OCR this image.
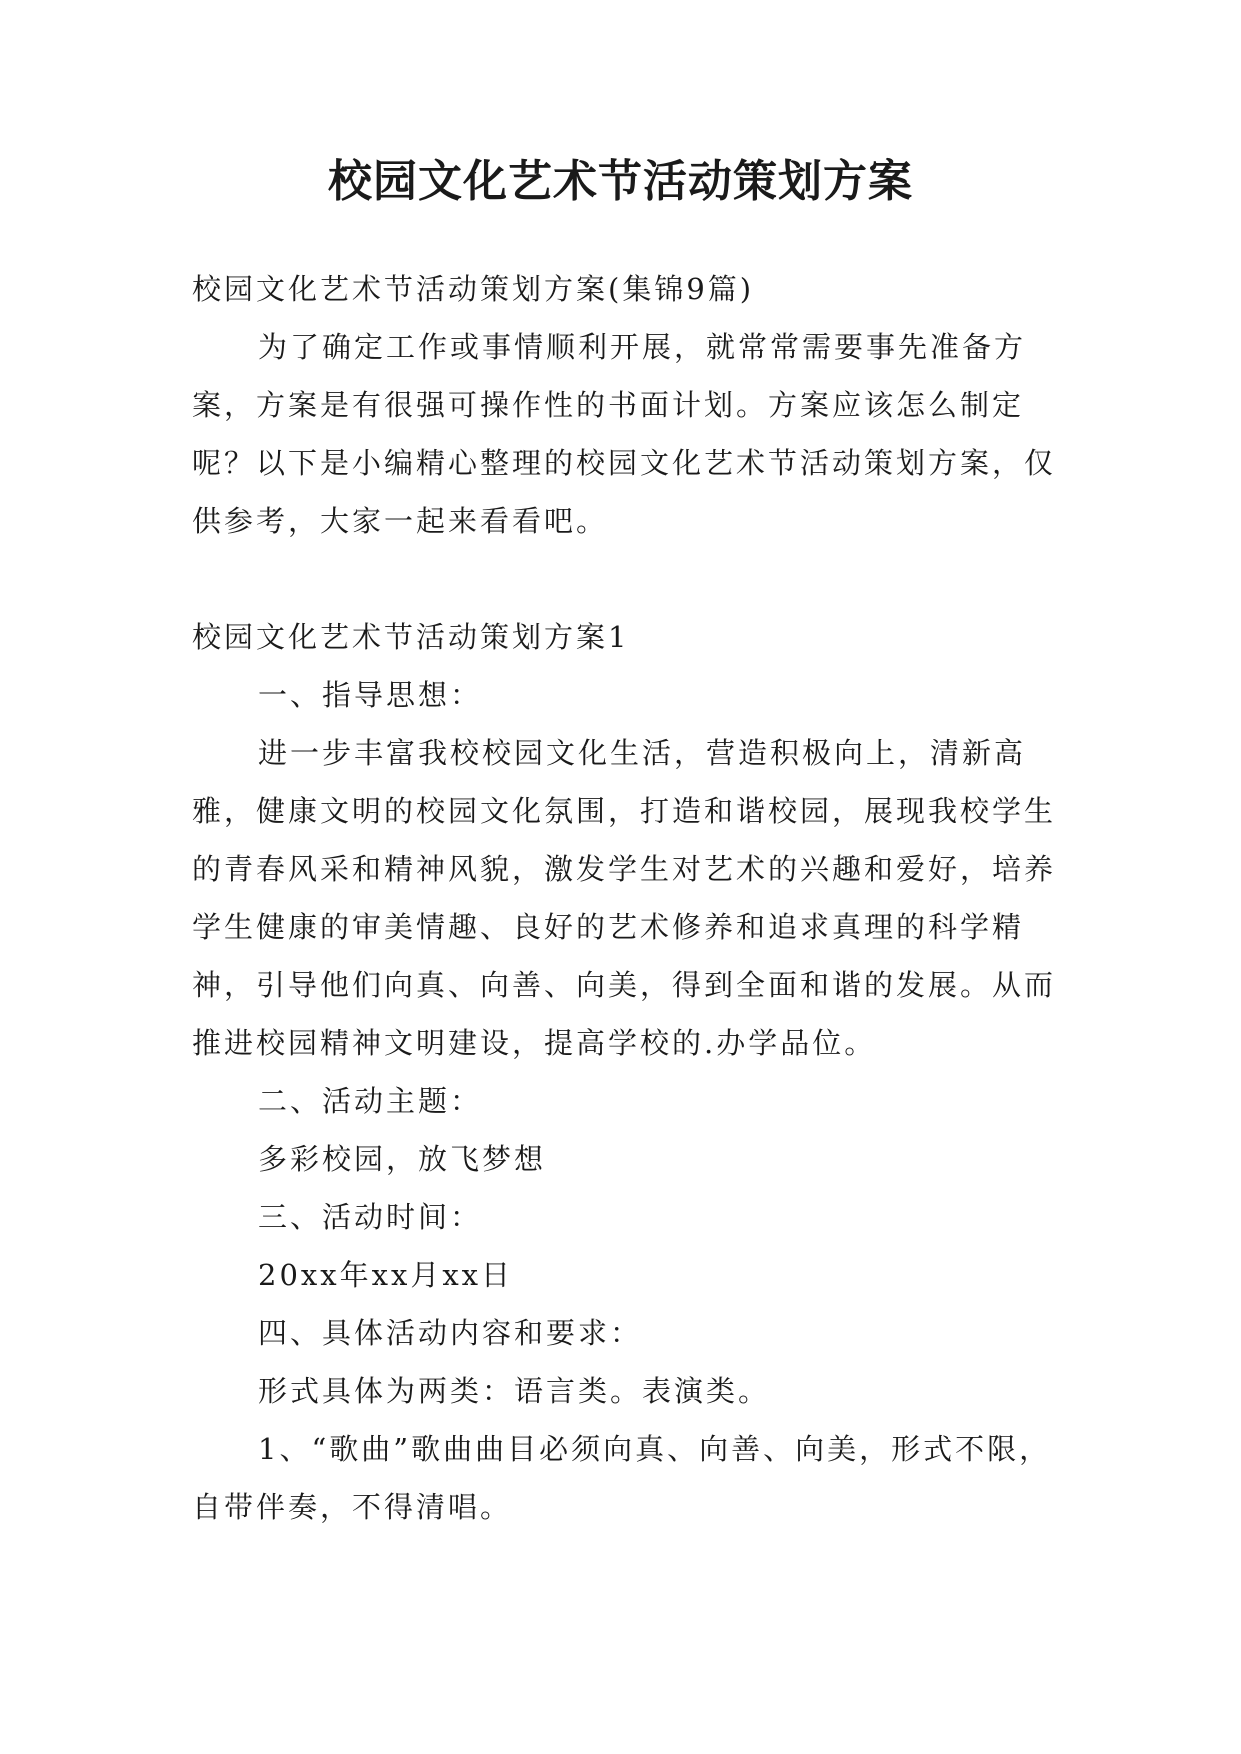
校园文化艺术节活动策划方案

校园文化艺术节活动策划方案(集锦9篇)

为了确定工作或事情顺利开展，就常常需要事先准备方案，方案是有很强可操作性的书面计划。方案应该怎么制定呢？以下是小编精心整理的校园文化艺术节活动策划方案，仅供参考，大家一起来看看吧。

校园文化艺术节活动策划方案1

一、指导思想：

进一步丰富我校校园文化生活，营造积极向上，清新高雅，健康文明的校园文化氛围，打造和谐校园，展现我校学生的青春风采和精神风貌，激发学生对艺术的兴趣和爱好，培养学生健康的审美情趣、良好的艺术修养和追求真理的科学精神，引导他们向真、向善、向美，得到全面和谐的发展。从而推进校园精神文明建设，提高学校的.办学品位。

二、活动主题：

多彩校园，放飞梦想

三、活动时间：

20xx年xx月xx日

四、具体活动内容和要求：

形式具体为两类：语言类。表演类。

1、“歌曲”歌曲曲目必须向真、向善、向美，形式不限，自带伴奏，不得清唱。
